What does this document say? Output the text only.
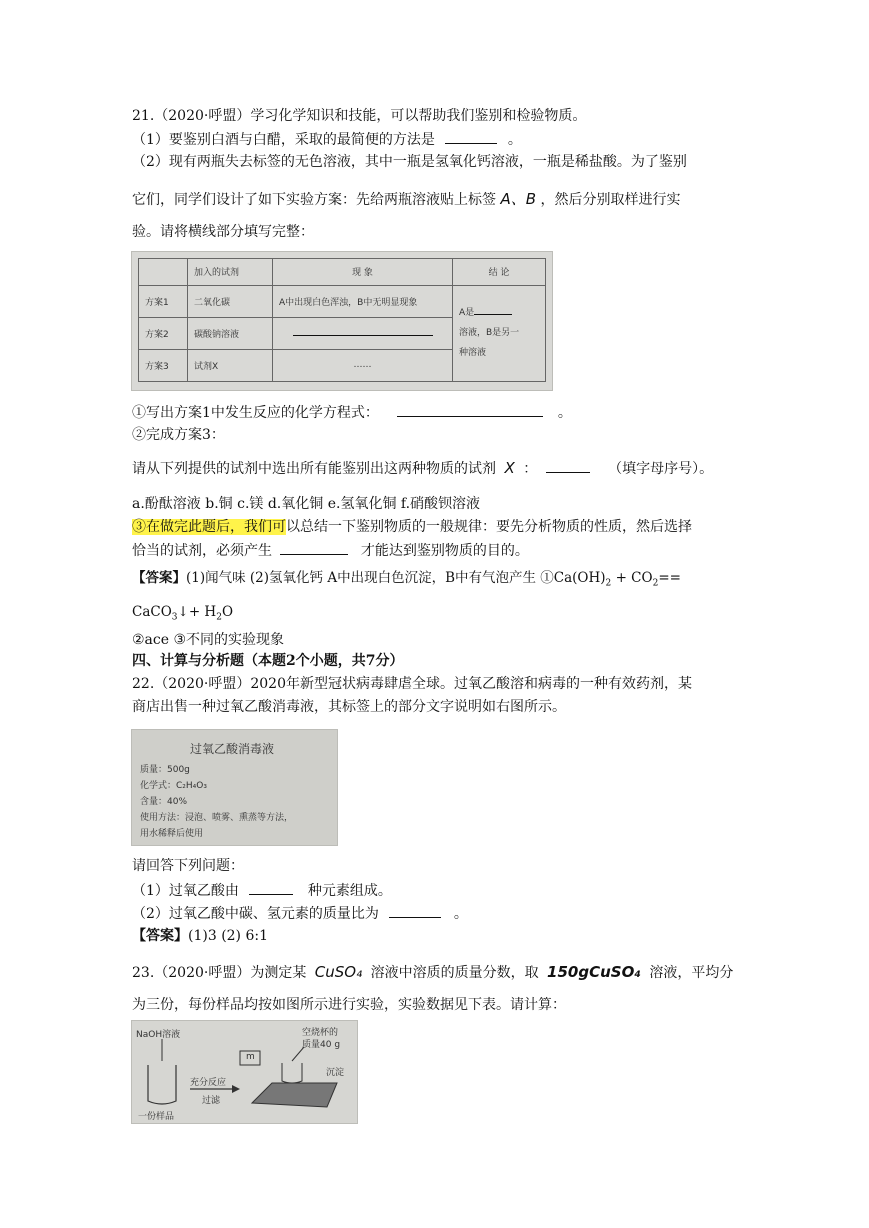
21.（2020·呼盟）学习化学知识和技能，可以帮助我们鉴别和检验物质。
（1）要鉴别白酒与白醋，采取的最简便的方法是	。
（2）现有两瓶失去标签的无色溶液，其中一瓶是氢氧化钙溶液，一瓶是稀盐酸。为了鉴别
它们，同学们设计了如下实验方案：先给两瓶溶液贴上标签 A、B ，然后分别取样进行实
验。请将横线部分填写完整：
	加入的试剂	现 象	结 论
方案1	二氧化碳	A中出现白色浑浊，B中无明显现象	A是
溶液，B是另一
种溶液

方案2	碳酸钠溶液		
方案3	试剂X	……	
①写出方案1中发生反应的化学方程式：	。
②完成方案3：
请从下列提供的试剂中选出所有能鉴别出这两种物质的试剂 X ：	（填字母序号）。
a.酚酞溶液 b.铜 c.镁 d.氧化铜 e.氢氧化铜 f.硝酸钡溶液
③在做完此题后，我们可以总结一下鉴别物质的一般规律：要先分析物质的性质，然后选择
恰当的试剂，必须产生	才能达到鉴别物质的目的。
【答案】(1)闻气味 (2)氢氧化钙 A中出现白色沉淀，B中有气泡产生 $①Ca(OH)_2 + CO_2==$
CaCO$_3$↓+ $H_2O$
②ace ③不同的实验现象
四、计算与分析题（本题2个小题，共7分）
22.（2020·呼盟）2020年新型冠状病毒肆虐全球。过氧乙酸溶和病毒的一种有效药剂，某
商店出售一种过氧乙酸消毒液，其标签上的部分文字说明如右图所示。
过氧乙酸消毒液
质量：500g
化学式：C₂H₄O₃
含量：40%
使用方法：浸泡、喷雾、熏蒸等方法，
用水稀释后使用
请回答下列问题：
（1）过氧乙酸由	种元素组成。
（2）过氧乙酸中碳、氢元素的质量比为	。
【答案】(1)3 (2) 6:1
23.（2020·呼盟）为测定某 CuSO₄ 溶液中溶质的质量分数，取 150gCuSO₄ 溶液，平均分
为三份，每份样品均按如图所示进行实验，实验数据见下表。请计算：
NaOH溶液
m
空烧杯的
质量40 g
充分反应
过滤
沉淀
一份样品
